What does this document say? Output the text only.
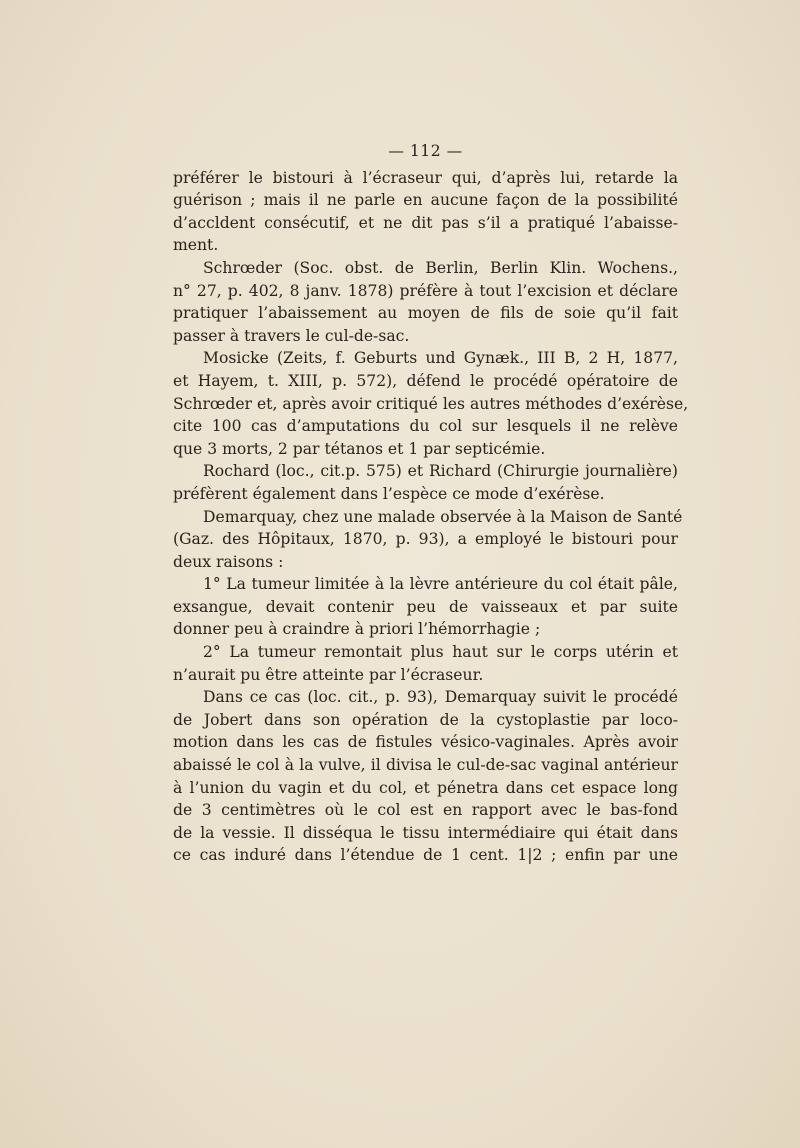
— 112 —
préférer le bistouri à l’écraseur qui, d’après lui, retarde la
guérison ; mais il ne parle en aucune façon de la possibilité
d’accldent consécutif, et ne dit pas s’il a pratiqué l’abaisse-
ment.
Schrœder (Soc. obst. de Berlin, Berlin Klin. Wochens.,
n° 27, p. 402, 8 janv. 1878) préfère à tout l’excision et déclare
pratiquer l’abaissement au moyen de fils de soie qu’il fait
passer à travers le cul-de-sac.
Mosicke (Zeits, f. Geburts und Gynæk., III B, 2 H, 1877,
et Hayem, t. XIII, p. 572), défend le procédé opératoire de
Schrœder et, après avoir critiqué les autres méthodes d’exérèse,
cite 100 cas d’amputations du col sur lesquels il ne relève
que 3 morts, 2 par tétanos et 1 par septicémie.
Rochard (loc., cit.p. 575) et Richard (Chirurgie journalière)
préfèrent également dans l’espèce ce mode d’exérèse.
Demarquay, chez une malade observée à la Maison de Santé
(Gaz. des Hôpitaux, 1870, p. 93), a employé le bistouri pour
deux raisons :
1° La tumeur limitée à la lèvre antérieure du col était pâle,
exsangue, devait contenir peu de vaisseaux et par suite
donner peu à craindre à priori l’hémorrhagie ;
2° La tumeur remontait plus haut sur le corps utérin et
n’aurait pu être atteinte par l’écraseur.
Dans ce cas (loc. cit., p. 93), Demarquay suivit le procédé
de Jobert dans son opération de la cystoplastie par loco-
motion dans les cas de fistules vésico-vaginales. Après avoir
abaissé le col à la vulve, il divisa le cul-de-sac vaginal antérieur
à l’union du vagin et du col, et pénetra dans cet espace long
de 3 centimètres où le col est en rapport avec le bas-fond
de la vessie. Il disséqua le tissu intermédiaire qui était dans
ce cas induré dans l’étendue de 1 cent. 1|2 ; enfin par une
